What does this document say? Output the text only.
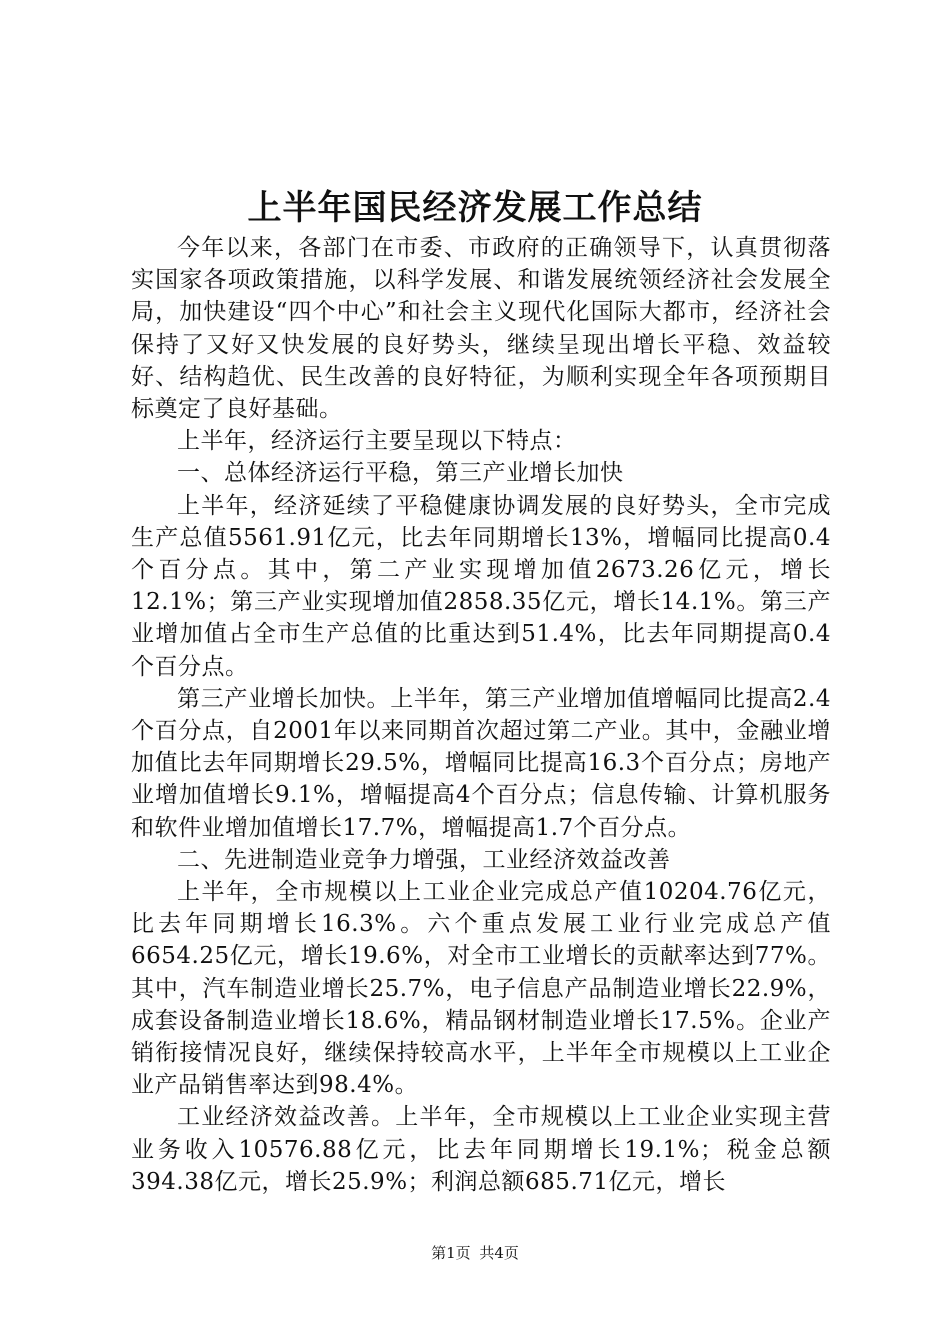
上半年国民经济发展工作总结

今年以来，各部门在市委、市政府的正确领导下，认真贯彻落实国家各项政策措施，以科学发展、和谐发展统领经济社会发展全局，加快建设“四个中心”和社会主义现代化国际大都市，经济社会保持了又好又快发展的良好势头，继续呈现出增长平稳、效益较好、结构趋优、民生改善的良好特征，为顺利实现全年各项预期目标奠定了良好基础。

上半年，经济运行主要呈现以下特点：

一、总体经济运行平稳，第三产业增长加快

上半年，经济延续了平稳健康协调发展的良好势头，全市完成生产总值5561.91亿元，比去年同期增长13%，增幅同比提高0.4个百分点。其中，第二产业实现增加值2673.26亿元，增长12.1%；第三产业实现增加值2858.35亿元，增长14.1%。第三产业增加值占全市生产总值的比重达到51.4%，比去年同期提高0.4个百分点。

第三产业增长加快。上半年，第三产业增加值增幅同比提高2.4个百分点，自2001年以来同期首次超过第二产业。其中，金融业增加值比去年同期增长29.5%，增幅同比提高16.3个百分点；房地产业增加值增长9.1%，增幅提高4个百分点；信息传输、计算机服务和软件业增加值增长17.7%，增幅提高1.7个百分点。

二、先进制造业竞争力增强，工业经济效益改善

上半年，全市规模以上工业企业完成总产值10204.76亿元，比去年同期增长16.3%。六个重点发展工业行业完成总产值6654.25亿元，增长19.6%，对全市工业增长的贡献率达到77%。其中，汽车制造业增长25.7%，电子信息产品制造业增长22.9%，成套设备制造业增长18.6%，精品钢材制造业增长17.5%。企业产销衔接情况良好，继续保持较高水平，上半年全市规模以上工业企业产品销售率达到98.4%。

工业经济效益改善。上半年，全市规模以上工业企业实现主营业务收入10576.88亿元，比去年同期增长19.1%；税金总额394.38亿元，增长25.9%；利润总额685.71亿元，增长

第1页 共4页
